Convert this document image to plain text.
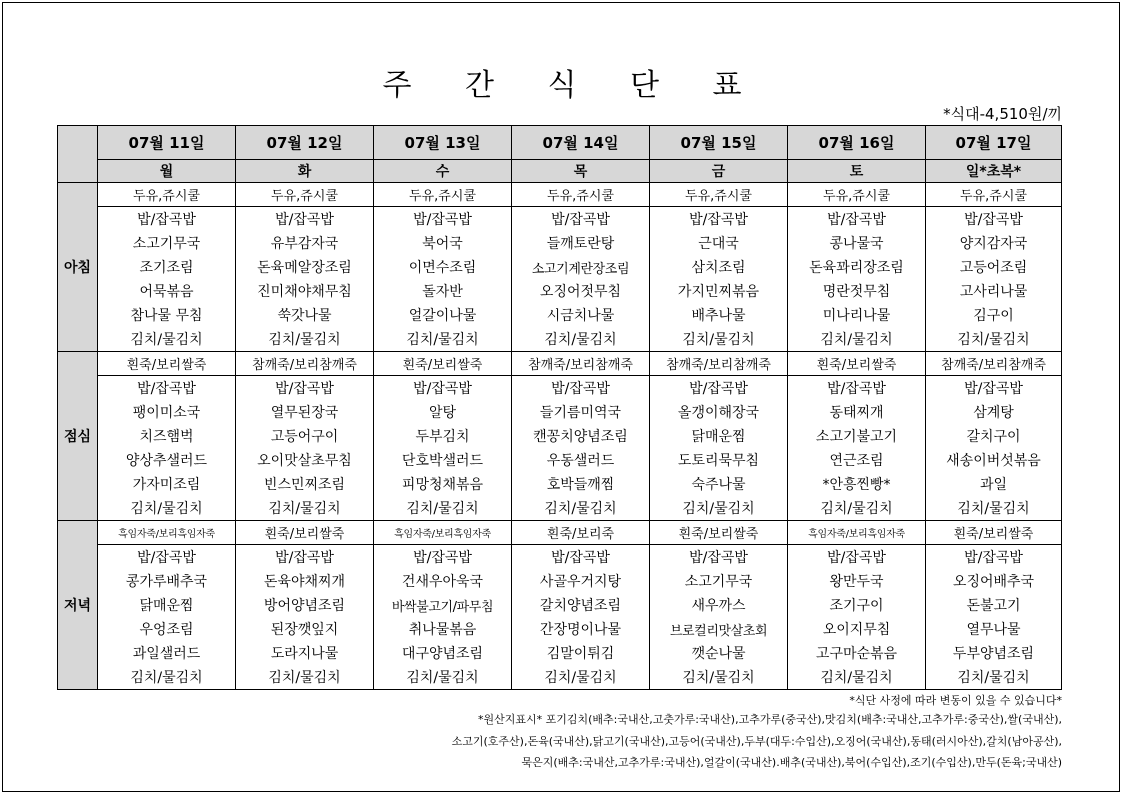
주 간 식 단 표
*식대-4,510원/끼
	07월 11일	07월 12일	07월 13일	07월 14일	07월 15일	07월 16일	07월 17일
	월	화	수	목	금	토	일*초복*
아침	두유,쥬시쿨	두유,쥬시쿨	두유,쥬시쿨	두유,쥬시쿨	두유,쥬시쿨	두유,쥬시쿨	두유,쥬시쿨
	밥/잡곡밥	밥/잡곡밥	밥/잡곡밥	밥/잡곡밥	밥/잡곡밥	밥/잡곡밥	밥/잡곡밥
	소고기무국	유부감자국	북어국	들깨토란탕	근대국	콩나물국	양지감자국
	조기조림	돈육메알장조림	이면수조림	소고기계란장조림	삼치조림	돈육꽈리장조림	고등어조림
	어묵볶음	진미채야채무침	돌자반	오징어젓무침	가지민찌볶음	명란젓무침	고사리나물
	참나물 무침	쑥갓나물	얼갈이나물	시금치나물	배추나물	미나리나물	김구이
	김치/물김치	김치/물김치	김치/물김치	김치/물김치	김치/물김치	김치/물김치	김치/물김치
점심	흰죽/보리쌀죽	참깨죽/보리참깨죽	흰죽/보리쌀죽	참깨죽/보리참깨죽	참깨죽/보리참깨죽	흰죽/보리쌀죽	참깨죽/보리참깨죽
	밥/잡곡밥	밥/잡곡밥	밥/잡곡밥	밥/잡곡밥	밥/잡곡밥	밥/잡곡밥	밥/잡곡밥
	팽이미소국	열무된장국	알탕	들기름미역국	올갱이해장국	동태찌개	삼계탕
	치즈햄벅	고등어구이	두부김치	캔꽁치양념조림	닭매운찜	소고기불고기	갈치구이
	양상추샐러드	오이맛살초무침	단호박샐러드	우동샐러드	도토리묵무침	연근조림	새송이버섯볶음
	가자미조림	빈스민찌조림	피망청채볶음	호박들깨찜	숙주나물	*안흥찐빵*	과일
	김치/물김치	김치/물김치	김치/물김치	김치/물김치	김치/물김치	김치/물김치	김치/물김치
저녁	흑임자죽/보리흑임자죽	흰죽/보리쌀죽	흑임자죽/보리흑임자죽	흰죽/보리죽	흰죽/보리쌀죽	흑임자죽/보리흑임자죽	흰죽/보리쌀죽
	밥/잡곡밥	밥/잡곡밥	밥/잡곡밥	밥/잡곡밥	밥/잡곡밥	밥/잡곡밥	밥/잡곡밥
	콩가루배추국	돈육야채찌개	건새우아욱국	사골우거지탕	소고기무국	왕만두국	오징어배추국
	닭매운찜	방어양념조림	바싹불고기/파무침	갈치양념조림	새우까스	조기구이	돈불고기
	우엉조림	된장깻잎지	취나물볶음	간장명이나물	브로컬리맛살초회	오이지무침	열무나물
	과일샐러드	도라지나물	대구양념조림	김말이튀김	깻순나물	고구마순볶음	두부양념조림
	김치/물김치	김치/물김치	김치/물김치	김치/물김치	김치/물김치	김치/물김치	김치/물김치
*식단 사정에 따라 변동이 있을 수 있습니다*
*원산지표시* 포기김치(배추:국내산,고춧가루:국내산),고추가루(중국산),맛김치(배추:국내산,고추가루:중국산),쌀(국내산),
소고기(호주산),돈육(국내산),닭고기(국내산),고등어(국내산),두부(대두:수입산),오징어(국내산),동태(러시아산),갈치(남아공산),
묵은지(배추:국내산,고추가루:국내산),얼갈이(국내산).배추(국내산),북어(수입산),조기(수입산),만두(돈육;국내산)
